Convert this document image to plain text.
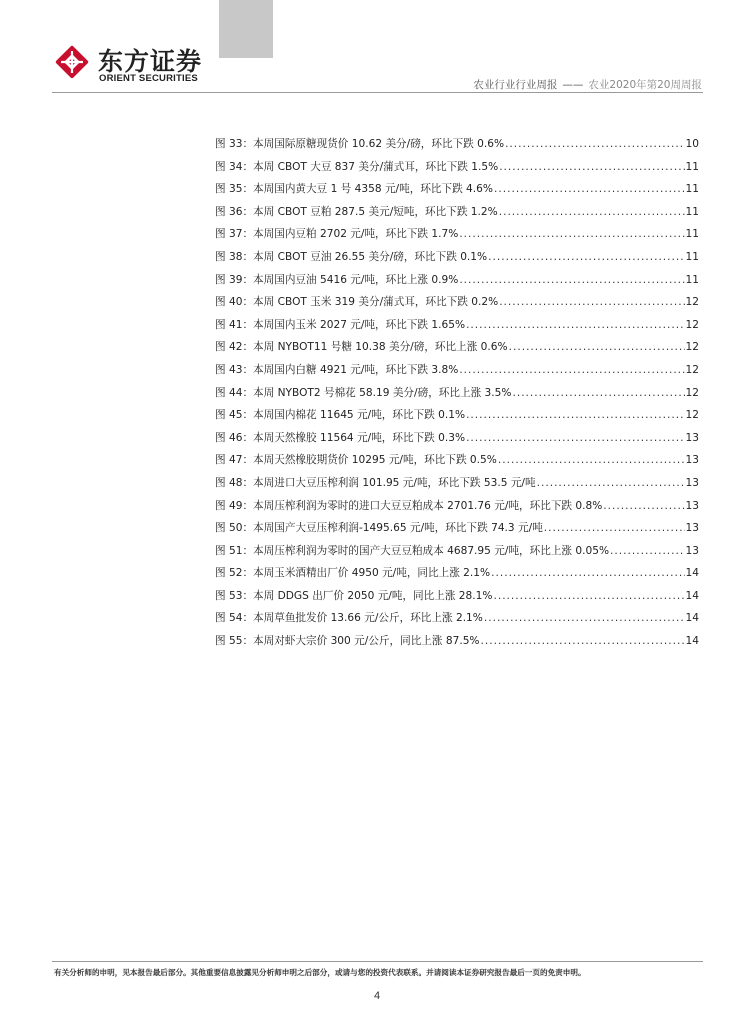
东方证券
ORIENT SECURITIES
农业行业行业周报 —— 农业2020年第20周周报
图 33：本周国际原糖现货价 10.62 美分/磅，环比下跌 0.6% .....	10
图 34：本周 CBOT 大豆 837 美分/蒲式耳，环比下跌 1.5% .....	11
图 35：本周国内黄大豆 1 号 4358 元/吨，环比下跌 4.6% .....	11
图 36：本周 CBOT 豆粕 287.5 美元/短吨，环比下跌 1.2% .....	11
图 37：本周国内豆粕 2702 元/吨，环比下跌 1.7% .....	11
图 38：本周 CBOT 豆油 26.55 美分/磅，环比下跌 0.1% .....	11
图 39：本周国内豆油 5416 元/吨，环比上涨 0.9% .....	11
图 40：本周 CBOT 玉米 319 美分/蒲式耳，环比下跌 0.2% .....	12
图 41：本周国内玉米 2027 元/吨，环比下跌 1.65% .....	12
图 42：本周 NYBOT11 号糖 10.38 美分/磅，环比上涨 0.6% .....	12
图 43：本周国内白糖 4921 元/吨，环比下跌 3.8% .....	12
图 44：本周 NYBOT2 号棉花 58.19 美分/磅，环比上涨 3.5% .....	12
图 45：本周国内棉花 11645 元/吨，环比下跌 0.1% .....	12
图 46：本周天然橡胶 11564 元/吨，环比下跌 0.3% .....	13
图 47：本周天然橡胶期货价 10295 元/吨，环比下跌 0.5% .....	13
图 48：本周进口大豆压榨利润 101.95 元/吨，环比下跌 53.5 元/吨 .....	13
图 49：本周压榨利润为零时的进口大豆豆粕成本 2701.76 元/吨，环比下跌 0.8% .....	13
图 50：本周国产大豆压榨利润-1495.65 元/吨，环比下跌 74.3 元/吨 .....	13
图 51：本周压榨利润为零时的国产大豆豆粕成本 4687.95 元/吨，环比上涨 0.05% .....	13
图 52：本周玉米酒精出厂价 4950 元/吨，同比上涨 2.1% .....	14
图 53：本周 DDGS 出厂价 2050 元/吨，同比上涨 28.1% .....	14
图 54：本周草鱼批发价 13.66 元/公斤，环比上涨 2.1% .....	14
图 55：本周对虾大宗价 300 元/公斤，同比上涨 87.5% .....	14
有关分析师的申明，见本报告最后部分。其他重要信息披露见分析师申明之后部分，或请与您的投资代表联系。并请阅读本证券研究报告最后一页的免责申明。
4
